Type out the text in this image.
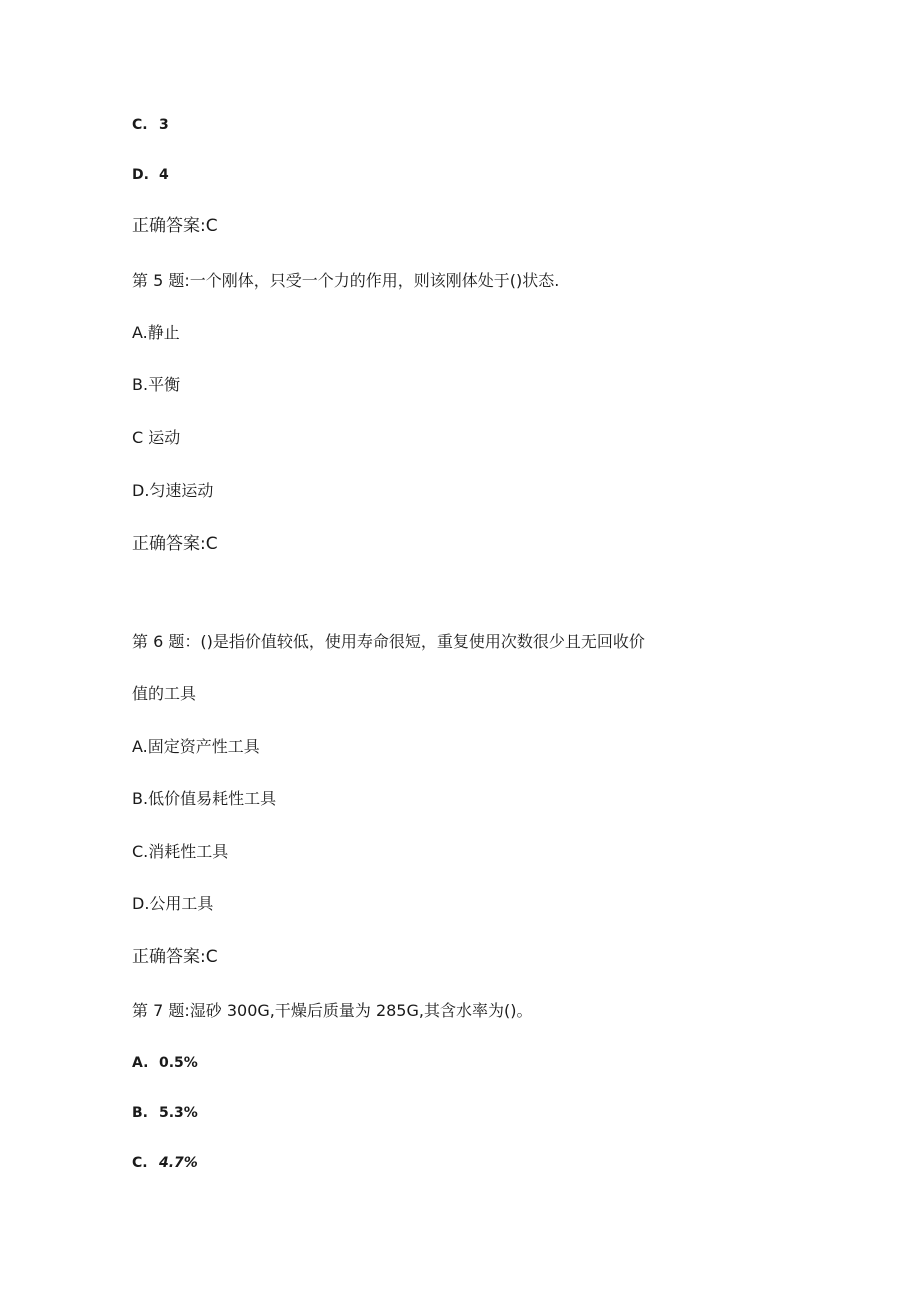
C. 3
D. 4
正确答案:C
第 5 题:一个刚体，只受一个力的作用，则该刚体处于()状态.
A.静止
B.平衡
C 运动
D.匀速运动
正确答案:C
第 6 题：()是指价值较低，使用寿命很短，重复使用次数很少且无回收价
值的工具
A.固定资产性工具
B.低价值易耗性工具
C.消耗性工具
D.公用工具
正确答案:C
第 7 题:湿砂 300G,干燥后质量为 285G,其含水率为()。
A. 0.5%
B. 5.3%
C. 4.7%
